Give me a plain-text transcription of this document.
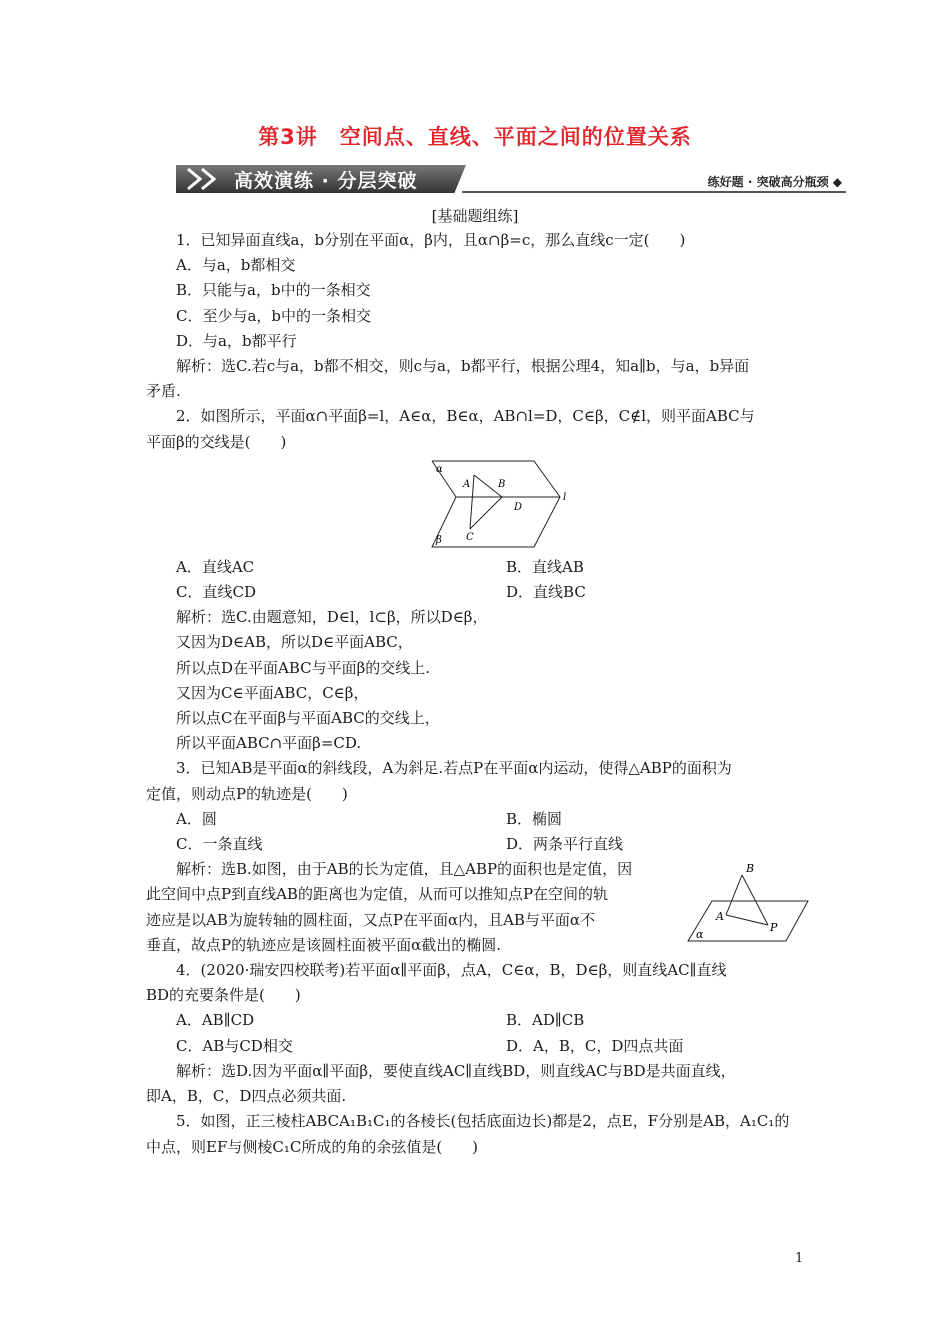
第3讲　空间点、直线、平面之间的位置关系
高效演练 · 分层突破	练好题 · 突破高分瓶颈 ◆
[基础题组练]

1．已知异面直线a，b分别在平面α，β内，且α∩β=c，那么直线c一定(　　)

A．与a，b都相交

B．只能与a，b中的一条相交

C．至少与a，b中的一条相交

D．与a，b都平行

解析：选C.若c与a，b都不相交，则c与a，b都平行，根据公理4，知a∥b，与a，b异面

矛盾.

2．如图所示，平面α∩平面β=l，A∈α，B∈α，AB∩l=D，C∈β，C∉l，则平面ABC与

平面β的交线是(　　)

α
A	B
D
l
C
β
A．直线AC	B．直线AB
C．直线CD	D．直线BC

解析：选C.由题意知，D∈l，l⊂β，所以D∈β，

又因为D∈AB，所以D∈平面ABC，

所以点D在平面ABC与平面β的交线上.

又因为C∈平面ABC，C∈β，

所以点C在平面β与平面ABC的交线上，

所以平面ABC∩平面β=CD.

3．已知AB是平面α的斜线段，A为斜足.若点P在平面α内运动，使得△ABP的面积为

定值，则动点P的轨迹是(　　)

A．圆	B．椭圆
C．一条直线	D．两条平行直线

解析：选B.如图，由于AB的长为定值，且△ABP的面积也是定值，因

此空间中点P到直线AB的距离也为定值，从而可以推知点P在空间的轨

迹应是以AB为旋转轴的圆柱面，又点P在平面α内，且AB与平面α不

垂直，故点P的轨迹应是该圆柱面被平面α截出的椭圆.

B
A
P
α

4．(2020·瑞安四校联考)若平面α∥平面β，点A，C∈α，B，D∈β，则直线AC∥直线

BD的充要条件是(　　)

A．AB∥CD	B．AD∥CB
C．AB与CD相交	D．A，B，C，D四点共面

解析：选D.因为平面α∥平面β，要使直线AC∥直线BD，则直线AC与BD是共面直线，

即A，B，C，D四点必须共面.

5．如图，正三棱柱ABCA₁B₁C₁的各棱长(包括底面边长)都是2，点E，F分别是AB，A₁C₁的

中点，则EF与侧棱C₁C所成的角的余弦值是(　　)

1
